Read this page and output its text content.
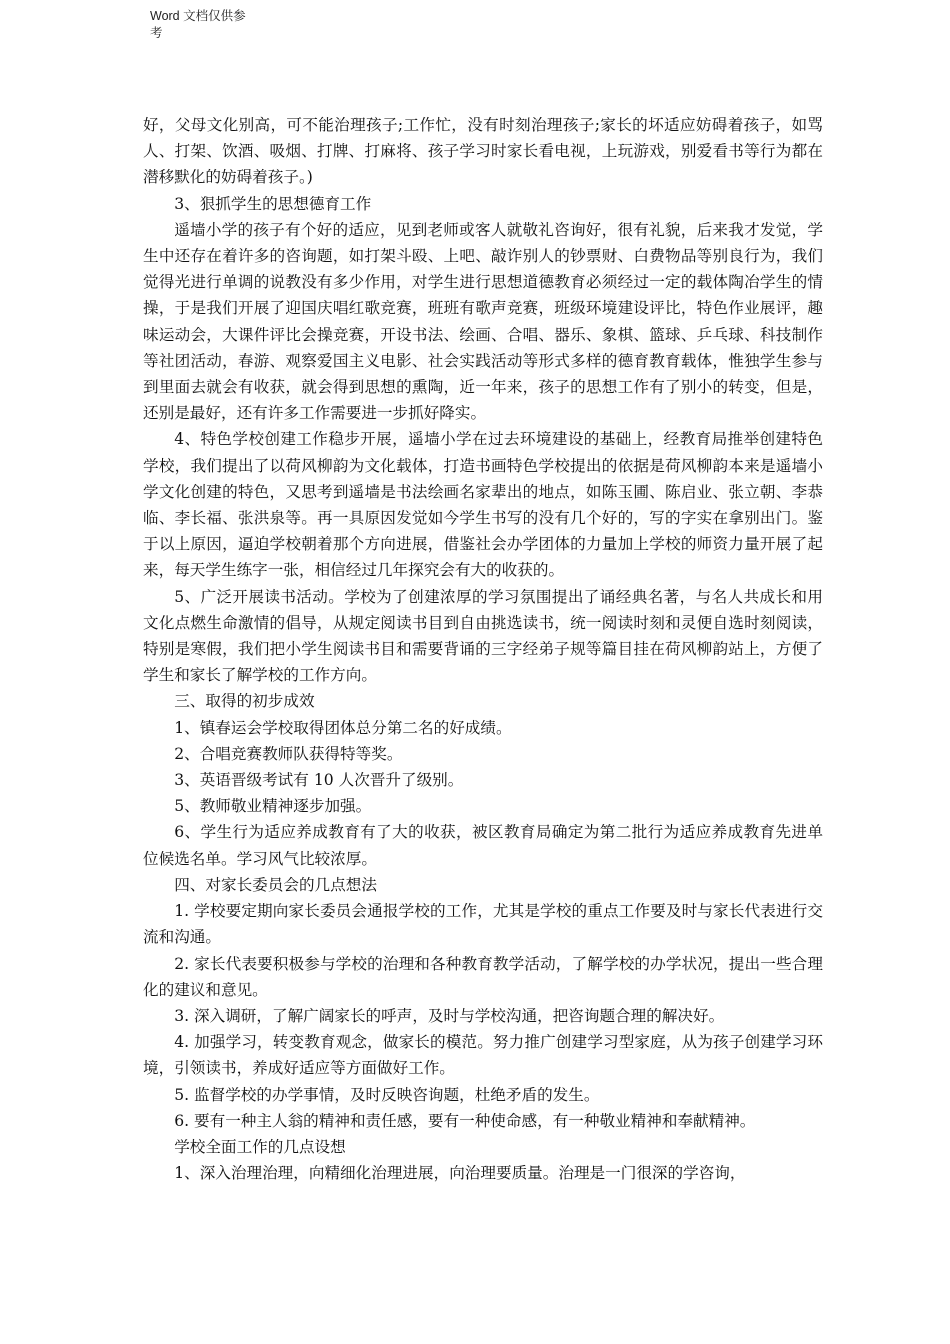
Word 文档仅供参
考

好，父母文化别高，可不能治理孩子;工作忙，没有时刻治理孩子;家长的坏适应妨碍着孩子，如骂人、打架、饮酒、吸烟、打牌、打麻将、孩子学习时家长看电视，上玩游戏，别爱看书等行为都在潜移默化的妨碍着孩子。)

3、狠抓学生的思想德育工作

遥墙小学的孩子有个好的适应，见到老师或客人就敬礼咨询好，很有礼貌，后来我才发觉，学生中还存在着许多的咨询题，如打架斗殴、上吧、敲诈别人的钞票财、白费物品等别良行为，我们觉得光进行单调的说教没有多少作用，对学生进行思想道德教育必须经过一定的载体陶冶学生的情操，于是我们开展了迎国庆唱红歌竞赛，班班有歌声竞赛，班级环境建设评比，特色作业展评，趣味运动会，大课件评比会操竞赛，开设书法、绘画、合唱、器乐、象棋、篮球、乒乓球、科技制作等社团活动，春游、观察爱国主义电影、社会实践活动等形式多样的德育教育载体，惟独学生参与到里面去就会有收获，就会得到思想的熏陶，近一年来，孩子的思想工作有了别小的转变，但是，还别是最好，还有许多工作需要进一步抓好降实。

4、特色学校创建工作稳步开展，遥墙小学在过去环境建设的基础上，经教育局推举创建特色学校，我们提出了以荷风柳韵为文化载体，打造书画特色学校提出的依据是荷风柳韵本来是遥墙小学文化创建的特色，又思考到遥墙是书法绘画名家辈出的地点，如陈玉圃、陈启业、张立朝、李恭临、李长福、张洪泉等。再一具原因发觉如今学生书写的没有几个好的，写的字实在拿别出门。鉴于以上原因，逼迫学校朝着那个方向进展，借鉴社会办学团体的力量加上学校的师资力量开展了起来，每天学生练字一张，相信经过几年探究会有大的收获的。

5、广泛开展读书活动。学校为了创建浓厚的学习氛围提出了诵经典名著，与名人共成长和用文化点燃生命激情的倡导，从规定阅读书目到自由挑选读书，统一阅读时刻和灵便自选时刻阅读，特别是寒假，我们把小学生阅读书目和需要背诵的三字经弟子规等篇目挂在荷风柳韵站上，方便了学生和家长了解学校的工作方向。

三、取得的初步成效

1、镇春运会学校取得团体总分第二名的好成绩。

2、合唱竞赛教师队获得特等奖。

3、英语晋级考试有 10 人次晋升了级别。

5、教师敬业精神逐步加强。

6、学生行为适应养成教育有了大的收获，被区教育局确定为第二批行为适应养成教育先进单位候选名单。学习风气比较浓厚。

四、对家长委员会的几点想法

1. 学校要定期向家长委员会通报学校的工作，尤其是学校的重点工作要及时与家长代表进行交流和沟通。

2. 家长代表要积极参与学校的治理和各种教育教学活动，了解学校的办学状况，提出一些合理化的建议和意见。

3. 深入调研，了解广阔家长的呼声，及时与学校沟通，把咨询题合理的解决好。

4. 加强学习，转变教育观念，做家长的模范。努力推广创建学习型家庭，从为孩子创建学习环境，引领读书，养成好适应等方面做好工作。

5. 监督学校的办学事情，及时反映咨询题，杜绝矛盾的发生。

6. 要有一种主人翁的精神和责任感，要有一种使命感，有一种敬业精神和奉献精神。

学校全面工作的几点设想

1、深入治理治理，向精细化治理进展，向治理要质量。治理是一门很深的学咨询，
